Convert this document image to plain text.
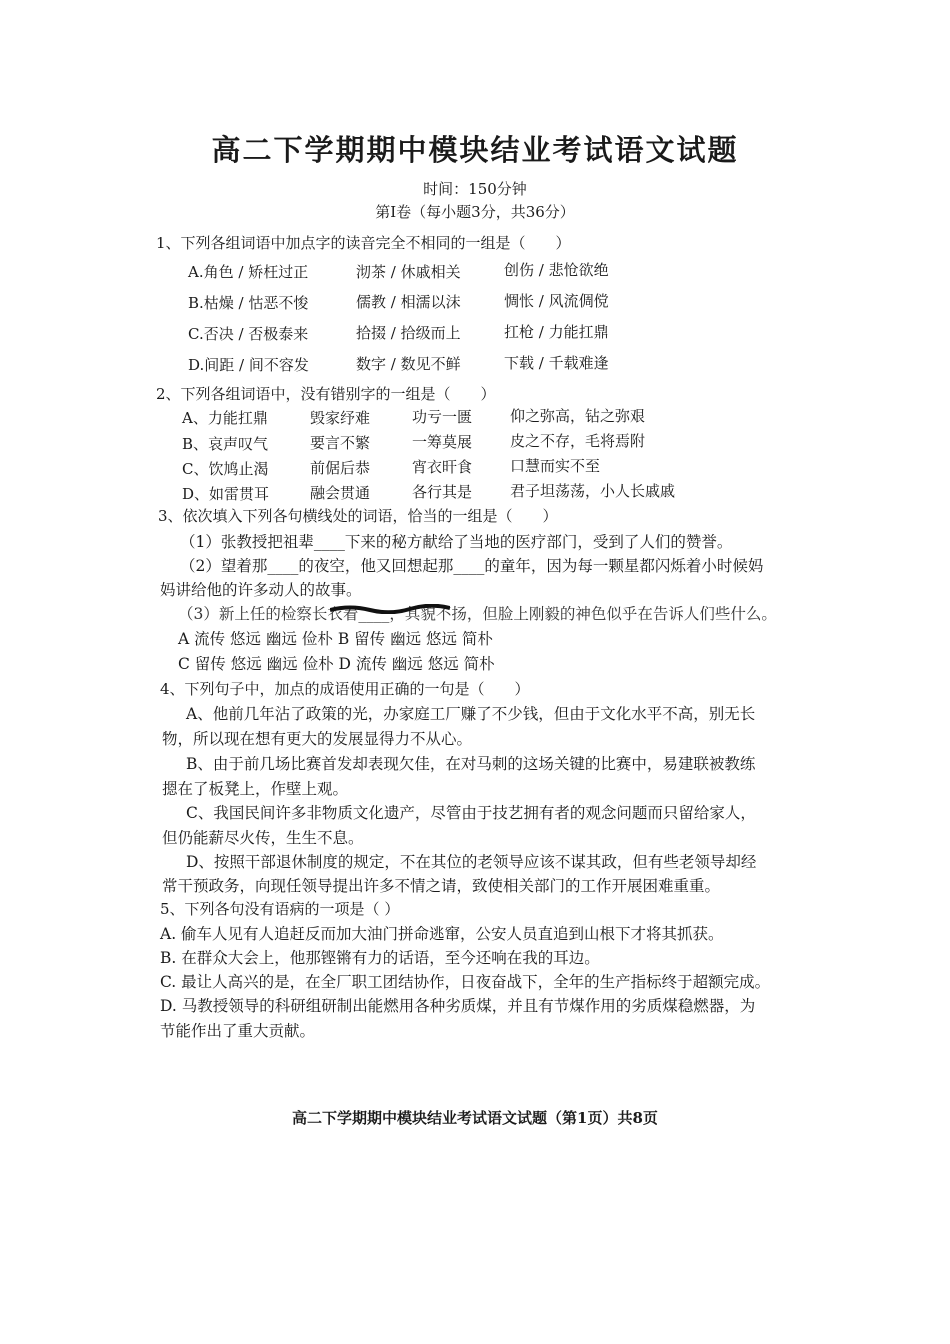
高二下学期期中模块结业考试语文试题
时间：150分钟
第Ⅰ卷（每小题3分，共36分）
1、下列各组词语中加点字的读音完全不相同的一组是（　　）
A.角色 / 矫枉过正	沏茶 / 休戚相关	创伤 / 悲怆欲绝
B.枯燥 / 怙恶不悛	儒教 / 相濡以沫	惆怅 / 风流倜傥
C.否决 / 否极泰来	拾掇 / 拾级而上	扛枪 / 力能扛鼎
D.间距 / 间不容发	数字 / 数见不鲜	下载 / 千载难逢
2、下列各组词语中，没有错别字的一组是（　　）
A、力能扛鼎	毁家纾难	功亏一匮	仰之弥高，钻之弥艰
B、哀声叹气	要言不繁	一筹莫展	皮之不存，毛将焉附
C、饮鸠止渴	前倨后恭	宵衣旰食	口慧而实不至
D、如雷贯耳	融会贯通	各行其是	君子坦荡荡，小人长戚戚
3、依次填入下列各句横线处的词语，恰当的一组是（　　）
（1）张教授把祖辈____下来的秘方献给了当地的医疗部门，受到了人们的赞誉。
（2）望着那____的夜空，他又回想起那____的童年，因为每一颗星都闪烁着小时候妈
妈讲给他的许多动人的故事。
（3）新上任的检察长衣着____，其貌不扬，但脸上刚毅的神色似乎在告诉人们些什么。
A 流传 悠远 幽远 俭朴 B 留传 幽远 悠远 简朴
C 留传 悠远 幽远 俭朴 D 流传 幽远 悠远 简朴
4、下列句子中，加点的成语使用正确的一句是（　　）
A、他前几年沾了政策的光，办家庭工厂赚了不少钱，但由于文化水平不高，别无长
物，所以现在想有更大的发展显得力不从心。
B、由于前几场比赛首发却表现欠佳，在对马刺的这场关键的比赛中，易建联被教练
摁在了板凳上，作壁上观。
C、我国民间许多非物质文化遗产，尽管由于技艺拥有者的观念问题而只留给家人，
但仍能薪尽火传，生生不息。
D、按照干部退休制度的规定，不在其位的老领导应该不谋其政，但有些老领导却经
常干预政务，向现任领导提出许多不情之请，致使相关部门的工作开展困难重重。
5、下列各句没有语病的一项是（ ）
A. 偷车人见有人追赶反而加大油门拼命逃窜，公安人员直追到山根下才将其抓获。
B. 在群众大会上，他那铿锵有力的话语，至今还响在我的耳边。
C. 最让人高兴的是，在全厂职工团结协作，日夜奋战下，全年的生产指标终于超额完成。
D. 马教授领导的科研组研制出能燃用各种劣质煤，并且有节煤作用的劣质煤稳燃器，为
节能作出了重大贡献。
高二下学期期中模块结业考试语文试题（第1页）共8页
